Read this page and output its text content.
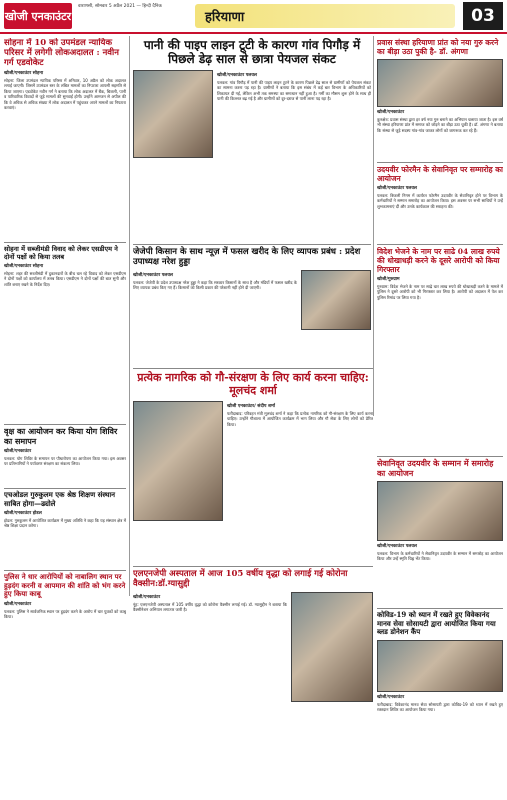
खोजी एनकाउंटर
वाराणसी, सोमवार 5 अप्रैल 2021 — हिन्दी दैनिक
हरियाणा	03
सोहना में 10 को उपमंडल न्यायिक परिसर में लगेगी लोकअदालत : नवीन गर्ग एडवोकेट
खोजी/एनकाउंटर सोहना
सोहना: जिला उपमंडल न्यायिक परिसर में शनिवार, 10 अप्रैल को लोक अदालत लगाई जाएगी। जिसमें उपमंडल स्तर के लंबित मामलों का निपटारा आपसी सहमति से किया जाएगा। एडवोकेट नवीन गर्ग ने बताया कि लोक अदालत में बैंक, बिजली, पानी व पारिवारिक विवादों से जुड़े मामलों की सुनवाई होगी। उन्होंने आमजन से अपील की कि वे अधिक से अधिक संख्या में लोक अदालत में पहुंचकर अपने मामलों का निपटारा करवाएं।
सोहना में सब्जीमंडी विवाद को लेकर एसडीएम ने दोनों पक्षों को किया तलब
खोजी/एनकाउंटर सोहना
सोहना: शहर की सब्जीमंडी में दुकानदारों के बीच चल रहे विवाद को लेकर एसडीएम ने दोनों पक्षों को कार्यालय में तलब किया। एसडीएम ने दोनों पक्षों की बात सुनी और शांति बनाए रखने के निर्देश दिए।
वृक्ष का आयोजन कर किया योग शिविर का समापन
खोजी/एनकाउंटर
पलवल: योग शिविर के समापन पर पौधारोपण का आयोजन किया गया। इस अवसर पर प्रतिभागियों ने पर्यावरण संरक्षण का संकल्प लिया।
एचओडल गुरुकुलम एक श्रेष्ठ शिक्षण संस्थान साबित होगा—ढ्योले
खोजी/एनकाउंटर होडल
होडल: गुरुकुलम में आयोजित कार्यक्रम में मुख्य अतिथि ने कहा कि यह संस्थान क्षेत्र में श्रेष्ठ शिक्षा प्रदान करेगा।
पुलिस ने धार आरोपियों को नाबालिग स्थान पर हुड़दंग करनी व आपमान की शांति को भंग करने हुए किया काबू
खोजी/एनकाउंटर
पलवल: पुलिस ने सार्वजनिक स्थान पर हुड़दंग करने के आरोप में चार युवकों को काबू किया।
पानी की पाइप लाइन टूटी के कारण गांव पिगौड़ में पिछले डेढ़ साल से छात्रा पेयजल संकट
खोजी/एनकाउंटर पलवल
पलवल: गांव पिगौड़ में पानी की पाइप लाइन टूटने के कारण पिछले डेढ़ साल से ग्रामीणों को पेयजल संकट का सामना करना पड़ रहा है। ग्रामीणों ने बताया कि इस संबंध में कई बार विभाग के अधिकारियों को शिकायत दी गई, लेकिन अभी तक समस्या का समाधान नहीं हुआ है। गर्मी का मौसम शुरू होने के साथ ही पानी की किल्लत बढ़ गई है और ग्रामीणों को दूर-दराज से पानी लाना पड़ रहा है।
प्रवास संस्था हरियाणा प्रांत को नया गुरु करने का बीड़ा उठा पुकी है- डॉ. अंगणा
खोजी/एनकाउंटर
कुरुक्षेत्र: प्रवास संस्था द्वारा हर वर्ष नया गुरु बनाने का अभियान चलाया जाता है। इस वर्ष भी संस्था हरियाणा प्रांत में समाज को जोड़ने का बीड़ा उठा चुकी है। डॉ. अंगणा ने बताया कि संस्था से जुड़े सदस्य गांव-गांव जाकर लोगों को जागरूक कर रहे हैं।
उदयवीर फोरमैन के सेवानिवृत पर सम्मारोह का आयोजन
खोजी/एनकाउंटर पलवल
पलवल: बिजली निगम में कार्यरत फोरमैन उदयवीर के सेवानिवृत होने पर विभाग के कर्मचारियों ने सम्मान समारोह का आयोजन किया। इस अवसर पर सभी साथियों ने उन्हें शुभकामनाएं दीं और उनके कार्यकाल की सराहना की।
जेजेपी किसान के साथ न्यूज़ में फसल खरीद के लिए व्यापक प्रबंध : प्रदेश उपाध्यक्ष नरेश हुड्डा
खोजी/एनकाउंटर पलवल
पलवल: जेजेपी के प्रदेश उपाध्यक्ष नरेश हुड्डा ने कहा कि सरकार किसानों के साथ है और मंडियों में फसल खरीद के लिए व्यापक प्रबंध किए गए हैं। किसानों को किसी प्रकार की परेशानी नहीं होने दी जाएगी।
विदेश भेजने के नाम पर साढे 04 लाख रुपये की धोखाधड़ी करने के दूसरे आरोपी को किया गिरफ्तार
खोजी/गुरुग्राम
गुरुग्राम: विदेश भेजने के नाम पर साढ़े चार लाख रुपये की धोखाधड़ी करने के मामले में पुलिस ने दूसरे आरोपी को भी गिरफ्तार कर लिया है। आरोपी को अदालत में पेश कर पुलिस रिमांड पर लिया गया है।
प्रत्येक नागरिक को गौ-संरक्षण के लिए कार्य करना चाहिए: मूलचंद शर्मा
खोजी एनकाउंटर/ संदीप शर्मा
फरीदाबाद: परिवहन मंत्री मूलचंद शर्मा ने कहा कि प्रत्येक नागरिक को गौ-संरक्षण के लिए कार्य करना चाहिए। उन्होंने गौशाला में आयोजित कार्यक्रम में भाग लिया और गौ सेवा के लिए लोगों को प्रेरित किया।
सेवानिवृत उदयवीर के सम्मान में समारोह का आयोजन
खोजी/एनकाउंटर पलवल
पलवल: विभाग के कर्मचारियों ने सेवानिवृत उदयवीर के सम्मान में समारोह का आयोजन किया और उन्हें स्मृति चिह्न भेंट किया।
एलएनजेपी अस्पताल में आज 105 वर्षीय वृद्धा को लगाई गई कोरोना वैक्सीन:डॉ.ग्यासुद्दी
खोजी/एनकाउंटर
नूंह: एलएनजेपी अस्पताल में 105 वर्षीय वृद्धा को कोरोना वैक्सीन लगाई गई। डॉ. ग्यासुद्दीन ने बताया कि वैक्सीनेशन अभियान लगातार जारी है।
कोविड-19 को ध्यान में रखते हुए विवेकानंद मानव सेवा सोसायटी द्वारा आयोजित किया गया ब्लड डोनेशन कैंप
खोजी/एनकाउंटर
फरीदाबाद: विवेकानंद मानव सेवा सोसायटी द्वारा कोविड-19 को ध्यान में रखते हुए रक्तदान शिविर का आयोजन किया गया।
